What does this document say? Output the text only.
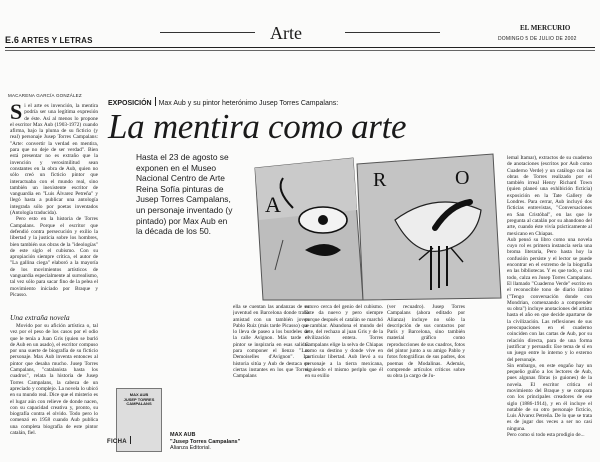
E.6 ARTES Y LETRAS	Arte	EL MERCURIO
DOMINGO 5 DE JULIO DE 2002
MACARENA GARCÍA GONZÁLEZ
EXPOSICIÓN Max Aub y su pintor heterónimo Jusep Torres Campalans:
La mentira como arte
S i el arte es invención, la mentira podría ser una legítima expresión de éste. Así al menos lo propone el escritor Max Aub (1903-1972) cuando afirma, bajo la pluma de su ficticio (y real) personaje Jusep Torres Campalans: "Arte: convertir la verdad en mentira, para que no deje de ser verdad". Bien está presentar no es extraño que la invención y verosimilitud sean constantes en la obra de Aub, quien no sólo creó un ficticio pintor que interactuaba con el mundo real, sino también un inexistente escritor de vanguardia en "Luis Álvarez Petreña" y llegó hasta a publicar una antología integrada sólo por poetas inventados (Antología traducida).

Pero esto en la historia de Torres Campalans. Porque el escritor que defendió contra persecución y exilio la libertad y la justicia sobre los hombres, bien también sus obras de la "ideologías" de este siglo el cubismo. Con su apropiación siempre crítica, el autor de "La gallina ciega" elaboró a la mayoría de los movimientos artísticos de vanguardia especialmente al surrealismo, tal vez sólo para sacar fino de la pelea el movimiento iniciado por Braque y Picasso.

Una extraña novela

Movido por su afición artística o, tal vez por el peso de los casos por el odio que le tenía a Juan Gris (quien se burló de Aub en un asado), el escritor compuso por una suerte de biografía de su ficticio personaje. Max Aub inventa entonces al pintor que desaba mucho. Jusep Torres Campalans, "catalanista hasta los cuadros", relata la historia de Jusep Torres Campalans, la cabeza de un apreciado y complejo. La novela lo ubicó en su mundo real. Dice que el misterio es el lugar aún con relieve de donde nacen, con su capacidad creativa y, pronto, su biografía contra el olvido. Todo pero lo comenzó en 1958 cuando Aub publica una completa biografía de este pintor catalán, fiel.

Hasta el 23 de agosto se exponen en el Museo Nacional Centro de Arte Reina Sofía pinturas de Jusep Torres Campalans, un personaje inventado (y pintado) por Max Aub en la década de los 50.
A
R	O

ella se cuentan las andanzas de su juventud en Barcelona donde traba amistad con un también joven Pablo Ruiz (más tarde Picasso) que lo lleva de paseo a los burdeles de la calle Avignon. Más tarde el pintor se inspiraría en esas salidas para componer el lienzo "Las Demoiselles d'Avignon". La historia sitúa y Aub de destaca en ciertas instantes en los que Torres Campalans

estuvo cerca del genio del cubismo. Este da nuevo y pero siempre porque después el catalán se marchó a cambiar. Abandona el mundo del arte, del rechazo al juan Gris y de la civilización entera. Torres Campalans elige la selva de Chiapas como su destino y donde vive en particular libertad. Aub llevó a su personaje a la tierra mexicana, siguiendo el mismo periplo que él en su exilio

(ver recuadro). Jusep Torres Campalans (ahora editado por Alianza) incluye no sólo la descripción de sus contactos por París y Barcelona, sino también material gráfico como reproducciones de sus cuadros, fotos del pintor junto a su amigo Pablo y fotos fotográficas de sus padres, dos poemas de Modalinas. Además, comprende artículos críticos sobre su obra (a cargo de Ju-

lemal Itamar), extractos de su cuaderno de anotaciones (escritos por Aub como Cuaderno Verde) y un catálogo con las obras de Torres realizado por el también irreal Henry Richard Town (quien planeó una exhibición ficticia) exposición en la Tate Gallery de Londres. Para cerrar, Aub incluyó dos ficticias entrevistas, "Conversaciones en San Cristóbal", en las que le pregunta al catalán por su abandono del arte, cuando éste vivía prácticamente al mexicano en Chiapas.

Aub pensó su libro como una novela cuyo rol es primera instancia sería una broma literaria, Pero hasta hoy la confusión persiste y el lector se puede encontrar en el extremo de la biografía en las bibliotecas. Y es que todo, o casi todo, calza en Jusep Torres Campalans. El llamado "Cuaderno Verde" escrito en el reconocible tono de diario íntimo ("Tengo conversación donde con Mondrian, comenzando a comprender su obra") incluye anotaciones del artista hasta el año en que decide apartarse de la civilización. Las reflexiones de sus preocupaciones en el cuaderno coinciden con las cartas de Aub, por su relación directa, para de una forma justificar y persuadir. Ese tema de sí en un juego entre lo interno y lo externo del personaje.

Sin embargo, en este engaño hay un pequeño guiño a los lectores de Aub, pues algunas fibras (o guiones) de la novela. El escritor critica el movimiento del Braque y se compara con los principales creadores de ese siglo (1886-1914), y en él incluye el notable de su otro personaje ficticio, Luis Álvarez Petreña. De lo que se trata es de jugar dos veces a ser no casi ninguna.

Pero como si todo esta prodigio de...

MAX AUB
JUSEP TORRES CAMPALANS
FICHA
MAX AUB
"Jusep Torres Campalans"
Alianza Editorial.
